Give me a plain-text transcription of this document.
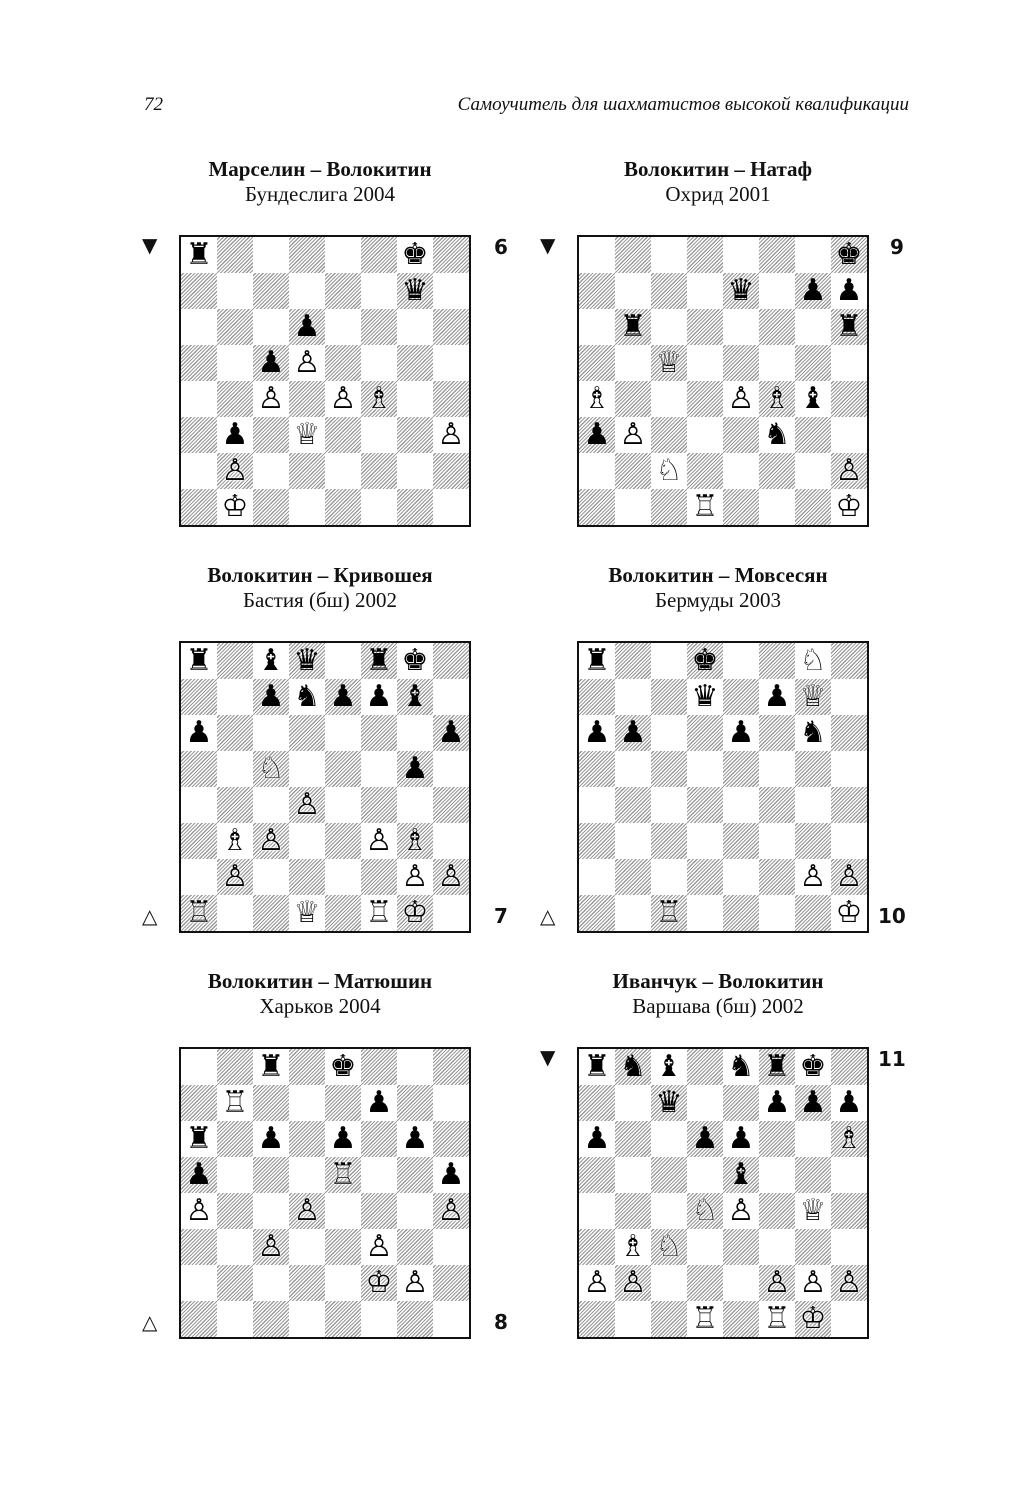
72	Самоучитель для шахматистов высокой квалификации
Марселин – Волокитин
Бундеслига 2004
▼ ♜	♚
♛
♟
♟ ♙
♙ ♙ ♗
♟ ♕	♙
♙
♔
6
Волокитин – Натаф
Охрид 2001
▼	♚
♛ ♟ ♟
♜	♜
♕
♗	♙ ♗ ♝
♟ ♙	♞
♘	♙
♖	♔
9
Волокитин – Кривошея
Бастия (бш) 2002
△
♜ ♝ ♛ ♜ ♚
♟ ♞ ♟ ♟ ♝
♟	♟
♘	♟
♙
♗ ♙	♙ ♗
♙	♙ ♙
♖	♕ ♖ ♔	7
Волокитин – Мовсесян
Бермуды 2003
△
♜	♚	♘
♛ ♟ ♕
♟ ♟	♟ ♞
♙ ♙
♖	♔ 10
Волокитин – Матюшин
Харьков 2004
△
♜ ♚
♖	♟
♜ ♟ ♟ ♟
♟	♖	♟
♙	♙	♙
♙	♙
♔ ♙
8
Иванчук – Волокитин
Варшава (бш) 2002
▼ ♜ ♞ ♝ ♞ ♜ ♚
♛	♟ ♟ ♟
♟	♟ ♟	♗
♝
♘ ♙ ♕
♗ ♘
♙ ♙	♙ ♙ ♙
♖ ♖ ♔
11
